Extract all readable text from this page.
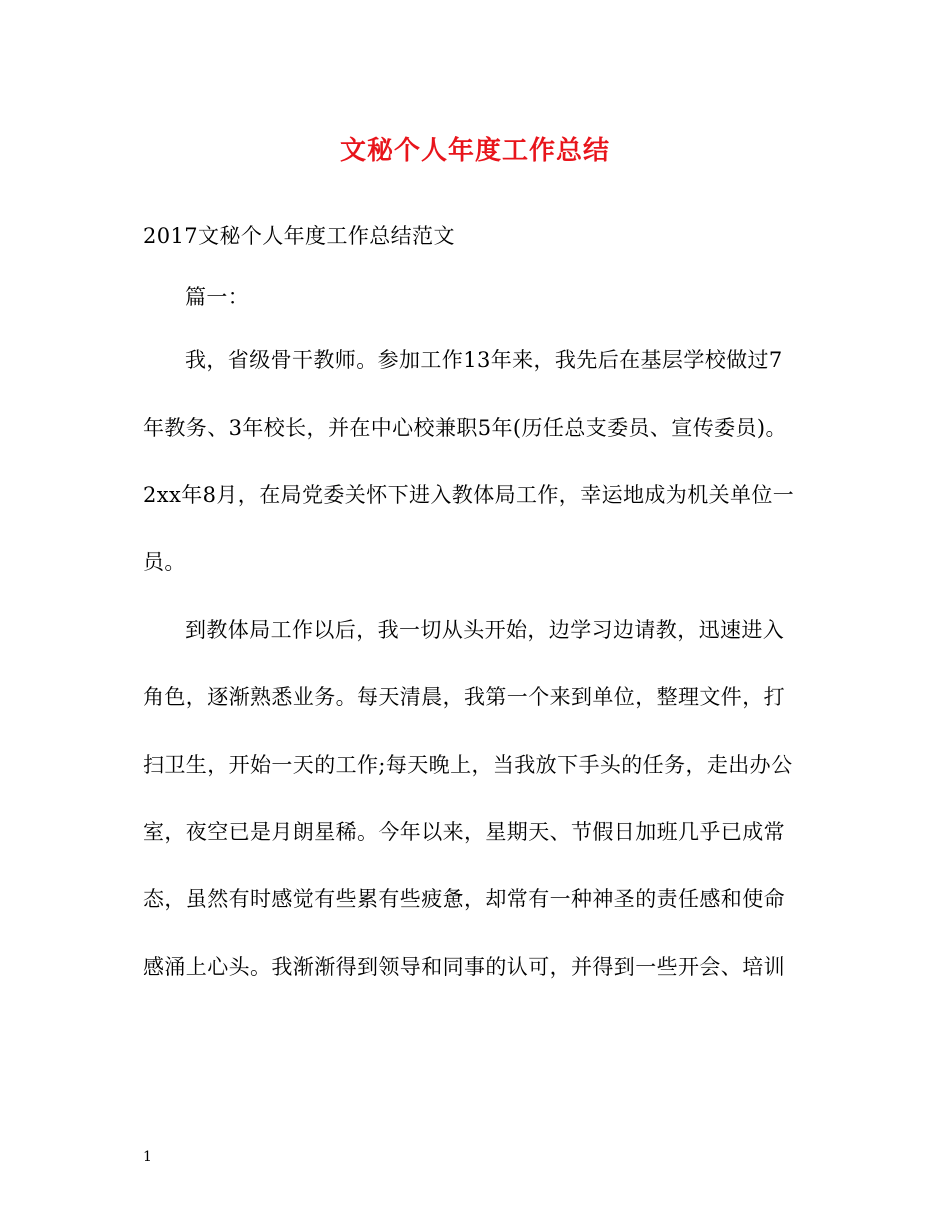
文秘个人年度工作总结
2017文秘个人年度工作总结范文
篇一：
我，省级骨干教师。参加工作13年来，我先后在基层学校做过7
年教务、3年校长，并在中心校兼职5年(历任总支委员、宣传委员)。
2xx年8月，在局党委关怀下进入教体局工作，幸运地成为机关单位一
员。
到教体局工作以后，我一切从头开始，边学习边请教，迅速进入
角色，逐渐熟悉业务。每天清晨，我第一个来到单位，整理文件，打
扫卫生，开始一天的工作;每天晚上，当我放下手头的任务，走出办公
室，夜空已是月朗星稀。今年以来，星期天、节假日加班几乎已成常
态，虽然有时感觉有些累有些疲惫，却常有一种神圣的责任感和使命
感涌上心头。我渐渐得到领导和同事的认可，并得到一些开会、培训
1
